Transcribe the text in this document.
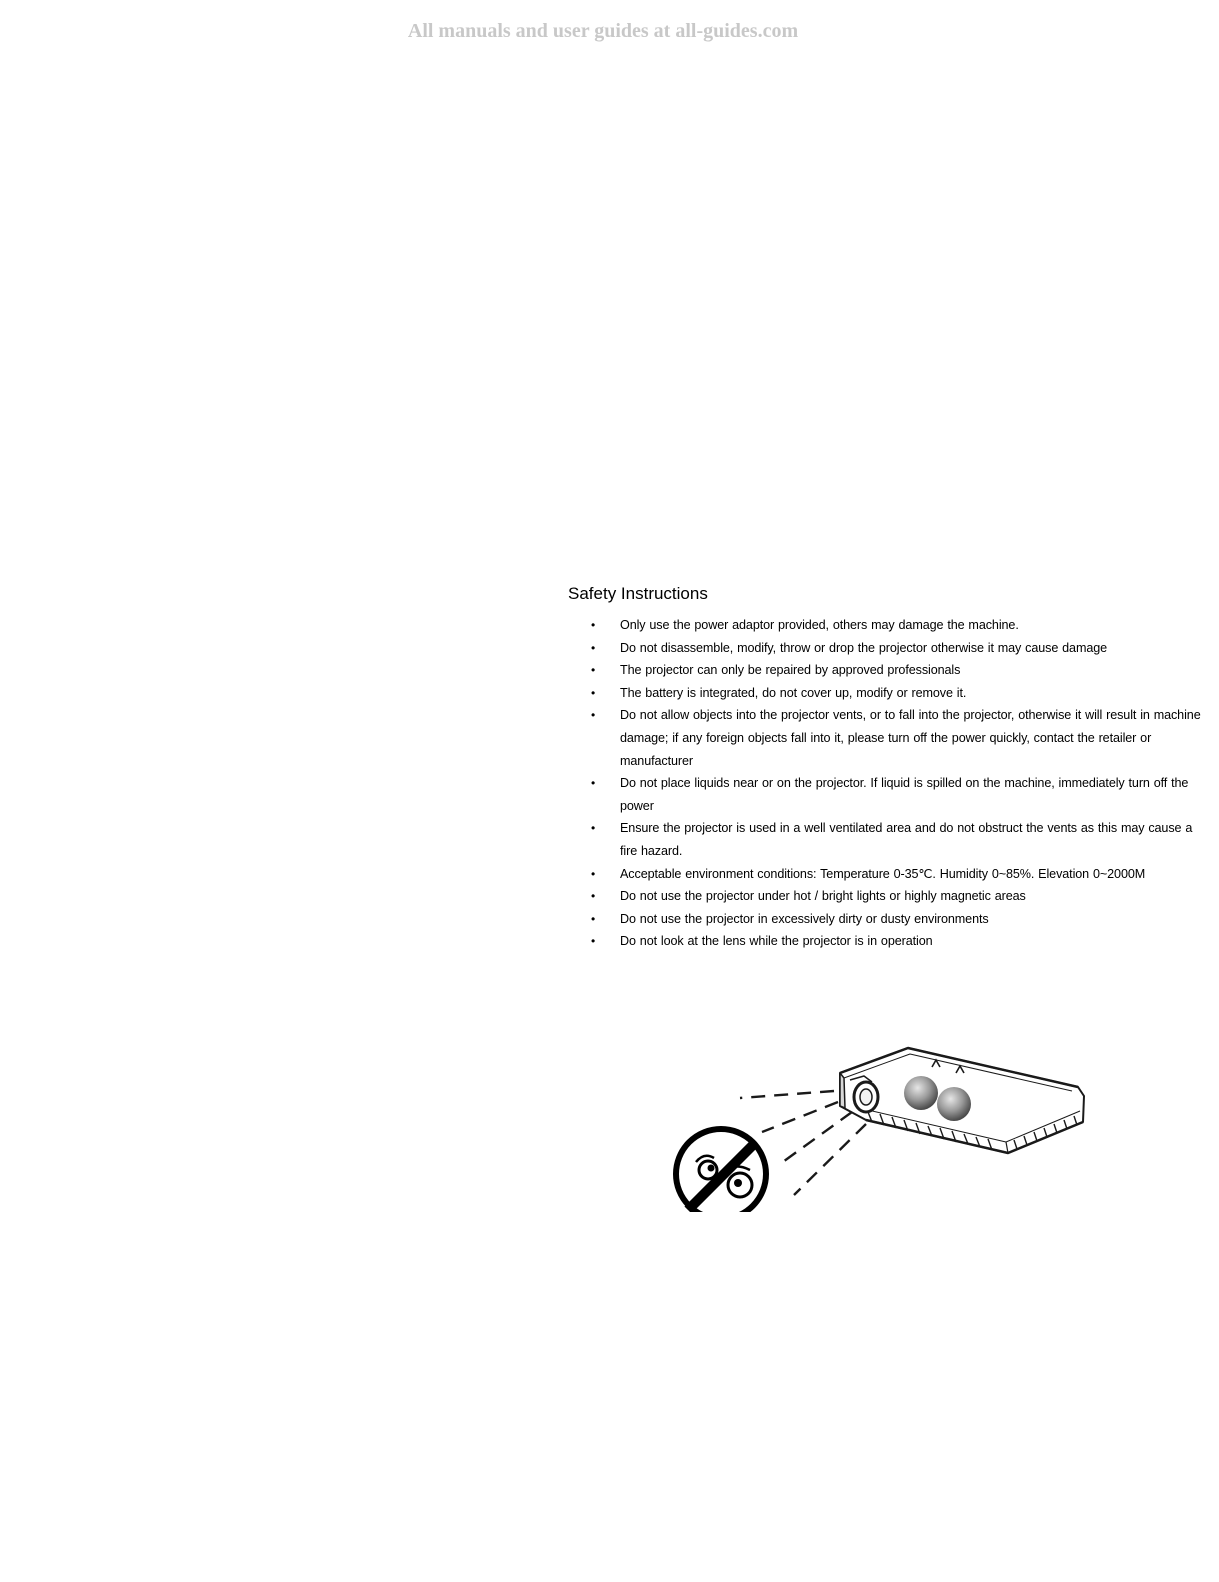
All manuals and user guides at all-guides.com
Safety Instructions
• Only use the power adaptor provided, others may damage the machine.
• Do not disassemble, modify, throw or drop the projector otherwise it may cause damage
• The projector can only be repaired by approved professionals
• The battery is integrated, do not cover up, modify or remove it.
• Do not allow objects into the projector vents, or to fall into the projector, otherwise it will result in machine damage; if any foreign objects fall into it, please turn off the power quickly, contact the retailer or manufacturer
• Do not place liquids near or on the projector. If liquid is spilled on the machine, immediately turn off the power
• Ensure the projector is used in a well ventilated area and do not obstruct the vents as this may cause a fire hazard.
• Acceptable environment conditions: Temperature 0-35℃. Humidity 0~85%. Elevation 0~2000M
• Do not use the projector under hot / bright lights or highly magnetic areas
• Do not use the projector in excessively dirty or dusty environments
• Do not look at the lens while the projector is in operation
